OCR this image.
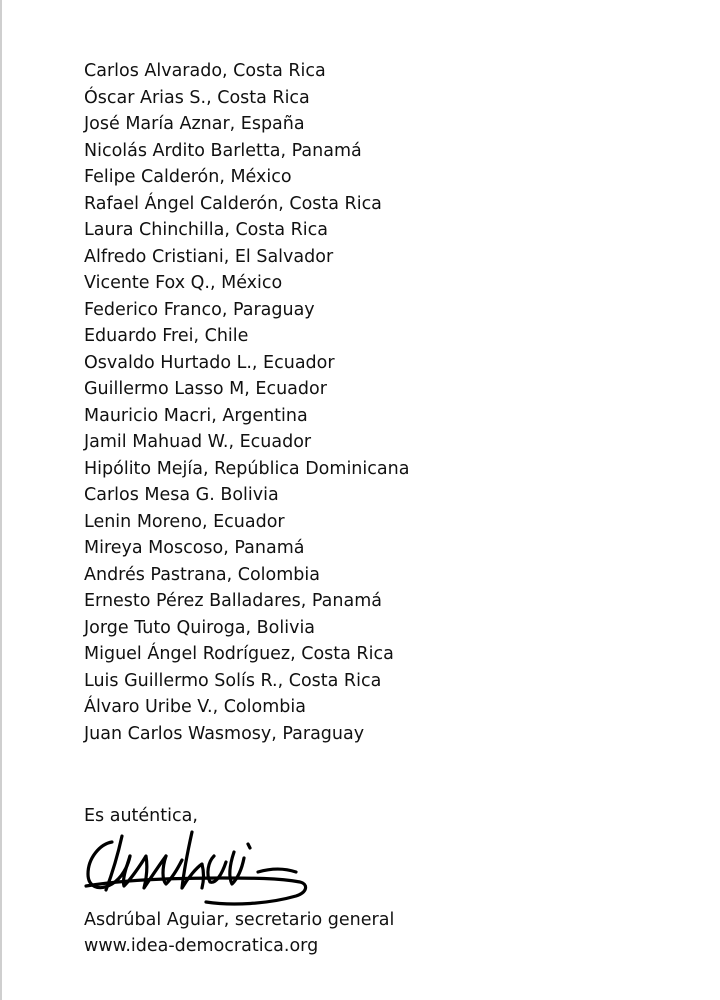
Carlos Alvarado, Costa Rica
Óscar Arias S., Costa Rica
José María Aznar, España
Nicolás Ardito Barletta, Panamá
Felipe Calderón, México
Rafael Ángel Calderón, Costa Rica
Laura Chinchilla, Costa Rica
Alfredo Cristiani, El Salvador
Vicente Fox Q., México
Federico Franco, Paraguay
Eduardo Frei, Chile
Osvaldo Hurtado L., Ecuador
Guillermo Lasso M, Ecuador
Mauricio Macri, Argentina
Jamil Mahuad W., Ecuador
Hipólito Mejía, República Dominicana
Carlos Mesa G. Bolivia
Lenin Moreno, Ecuador
Mireya Moscoso, Panamá
Andrés Pastrana, Colombia
Ernesto Pérez Balladares, Panamá
Jorge Tuto Quiroga, Bolivia
Miguel Ángel Rodríguez, Costa Rica
Luis Guillermo Solís R., Costa Rica
Álvaro Uribe V., Colombia
Juan Carlos Wasmosy, Paraguay
Es auténtica,
Asdrúbal Aguiar, secretario general
www.idea-democratica.org
